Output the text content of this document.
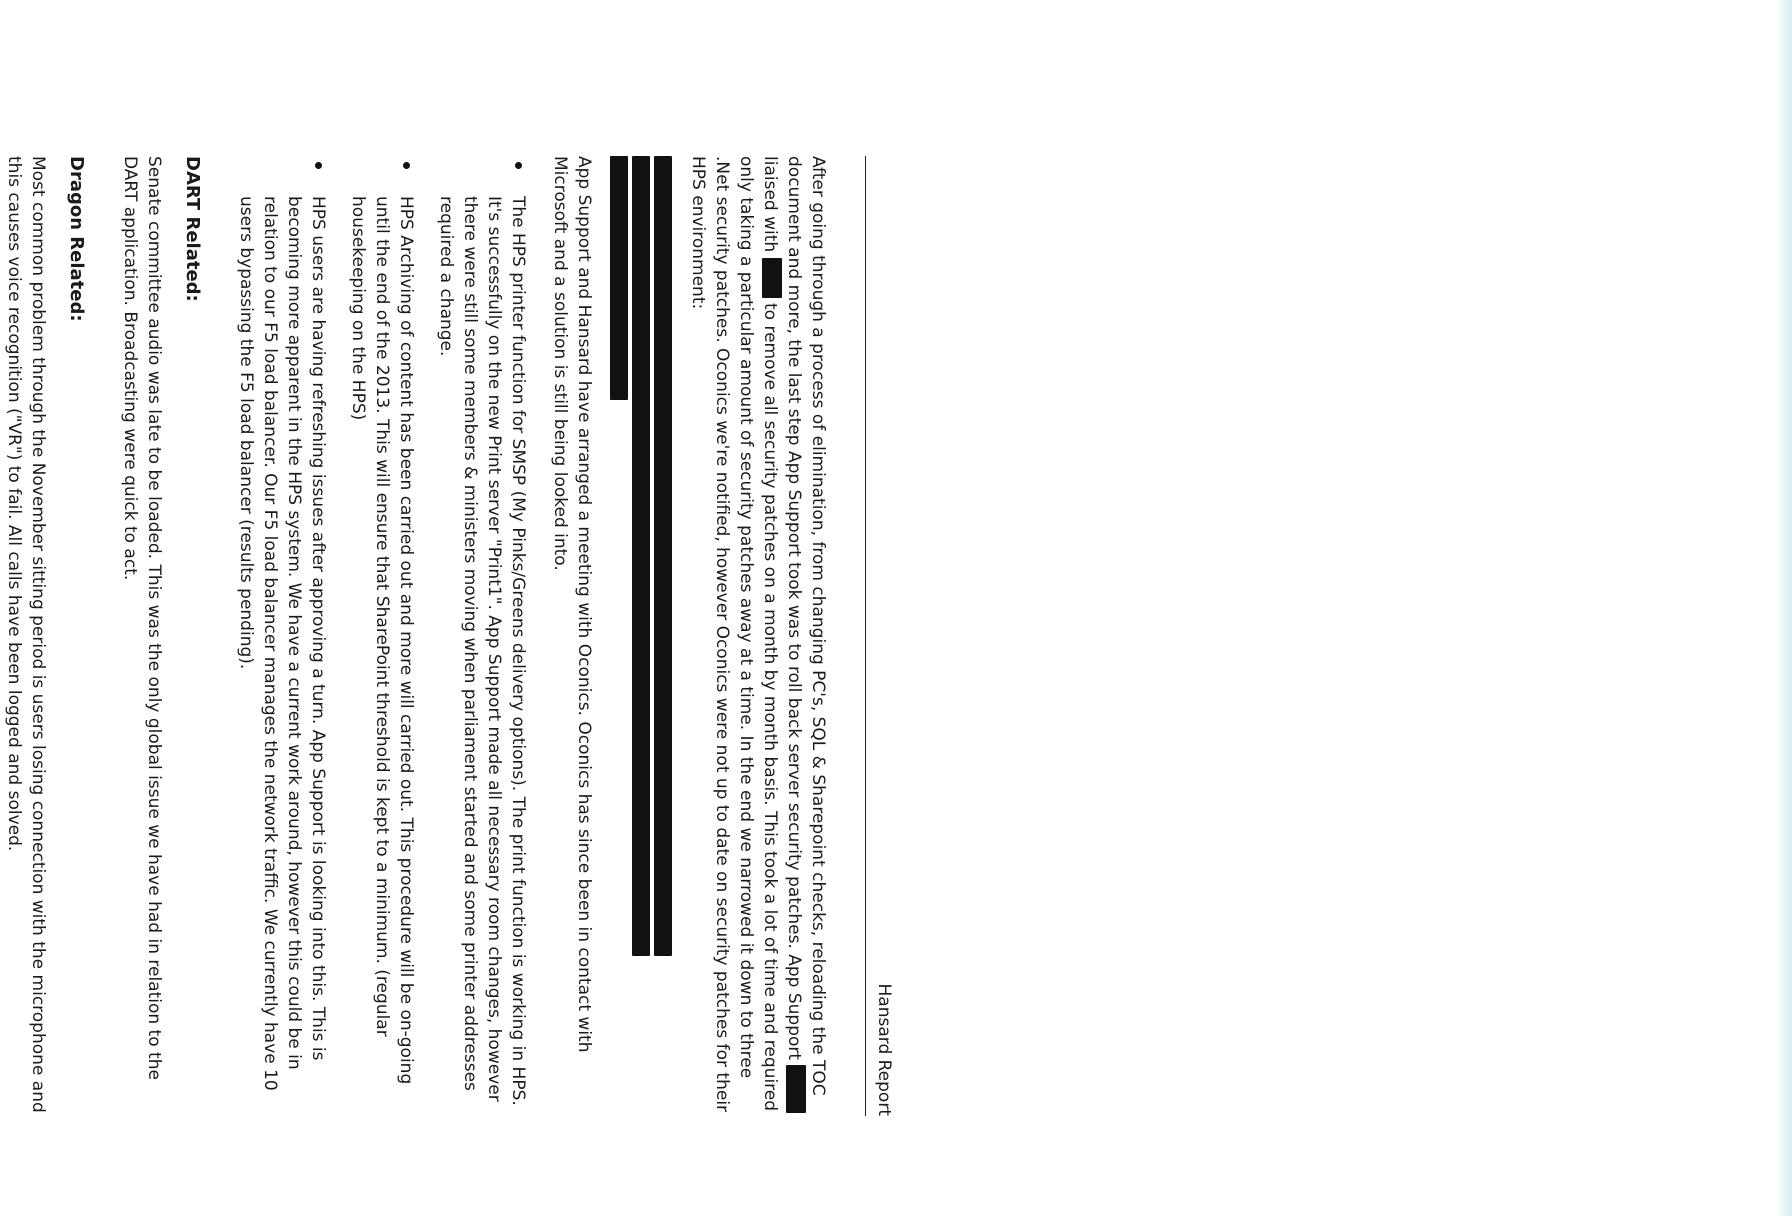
Hansard Report

After going through a process of elimination, from changing PC's, SQL & Sharepoint checks, reloading the TOC document and more, the last step App Support took was to roll back server security patches. App Support  liaised with  to remove all security patches on a month by month basis. This took a lot of time and required only taking a particular amount of security patches away at a time. In the end we narrowed it down to three .Net security patches. Oconics we're notified, however Oconics were not up to date on security patches for their HPS environment:

App Support and Hansard have arranged a meeting with Oconics. Oconics has since been in contact with Microsoft and a solution is still being looked into.

The HPS printer function for SMSP (My Pinks/Greens delivery options). The print function is working in HPS. It's successfully on the new Print server "Print1". App Support made all necessary room changes, however there were still some members & ministers moving when parliament started and some printer addresses required a change.
HPS Archiving of content has been carried out and more will carried out. This procedure will be on-going until the end of the 2013. This will ensure that SharePoint threshold is kept to a minimum. (regular housekeeping on the HPS)
HPS users are having refreshing issues after approving a turn. App Support is looking into this. This is becoming more apparent in the HPS system. We have a current work around, however this could be in relation to our F5 load balancer. Our F5 load balancer manages the network traffic. We currently have 10 users bypassing the F5 load balancer (results pending).
DART Related:

Senate committee audio was late to be loaded. This was the only global issue we have had in relation to the DART application. Broadcasting were quick to act.

Dragon Related:

Most common problem through the November sitting period is users losing connection with the microphone and this causes voice recognition ("VR") to fail. All calls have been logged and solved.
